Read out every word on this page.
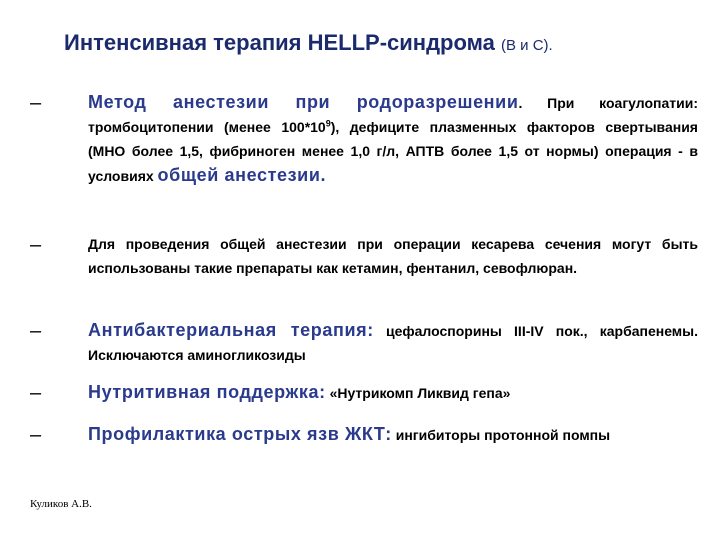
Интенсивная терапия HELLP-синдрома (В и С).
–	Метод анестезии при родоразрешении. При коагулопатии: тромбоцитопении (менее $100*10^9$), дефиците плазменных факторов свертывания (МНО более 1,5, фибриноген менее 1,0 г/л, АПТВ более 1,5 от нормы) операция - в условиях общей анестезии.
–	Для проведения общей анестезии при операции кесарева сечения могут быть использованы такие препараты как кетамин, фентанил, севофлюран.
–	Антибактериальная терапия: цефалоспорины III-IV пок., карбапенемы. Исключаются аминогликозиды
–	Нутритивная поддержка: «Нутрикомп Ликвид гепа»
–	Профилактика острых язв ЖКТ: ингибиторы протонной помпы
Куликов А.В.
